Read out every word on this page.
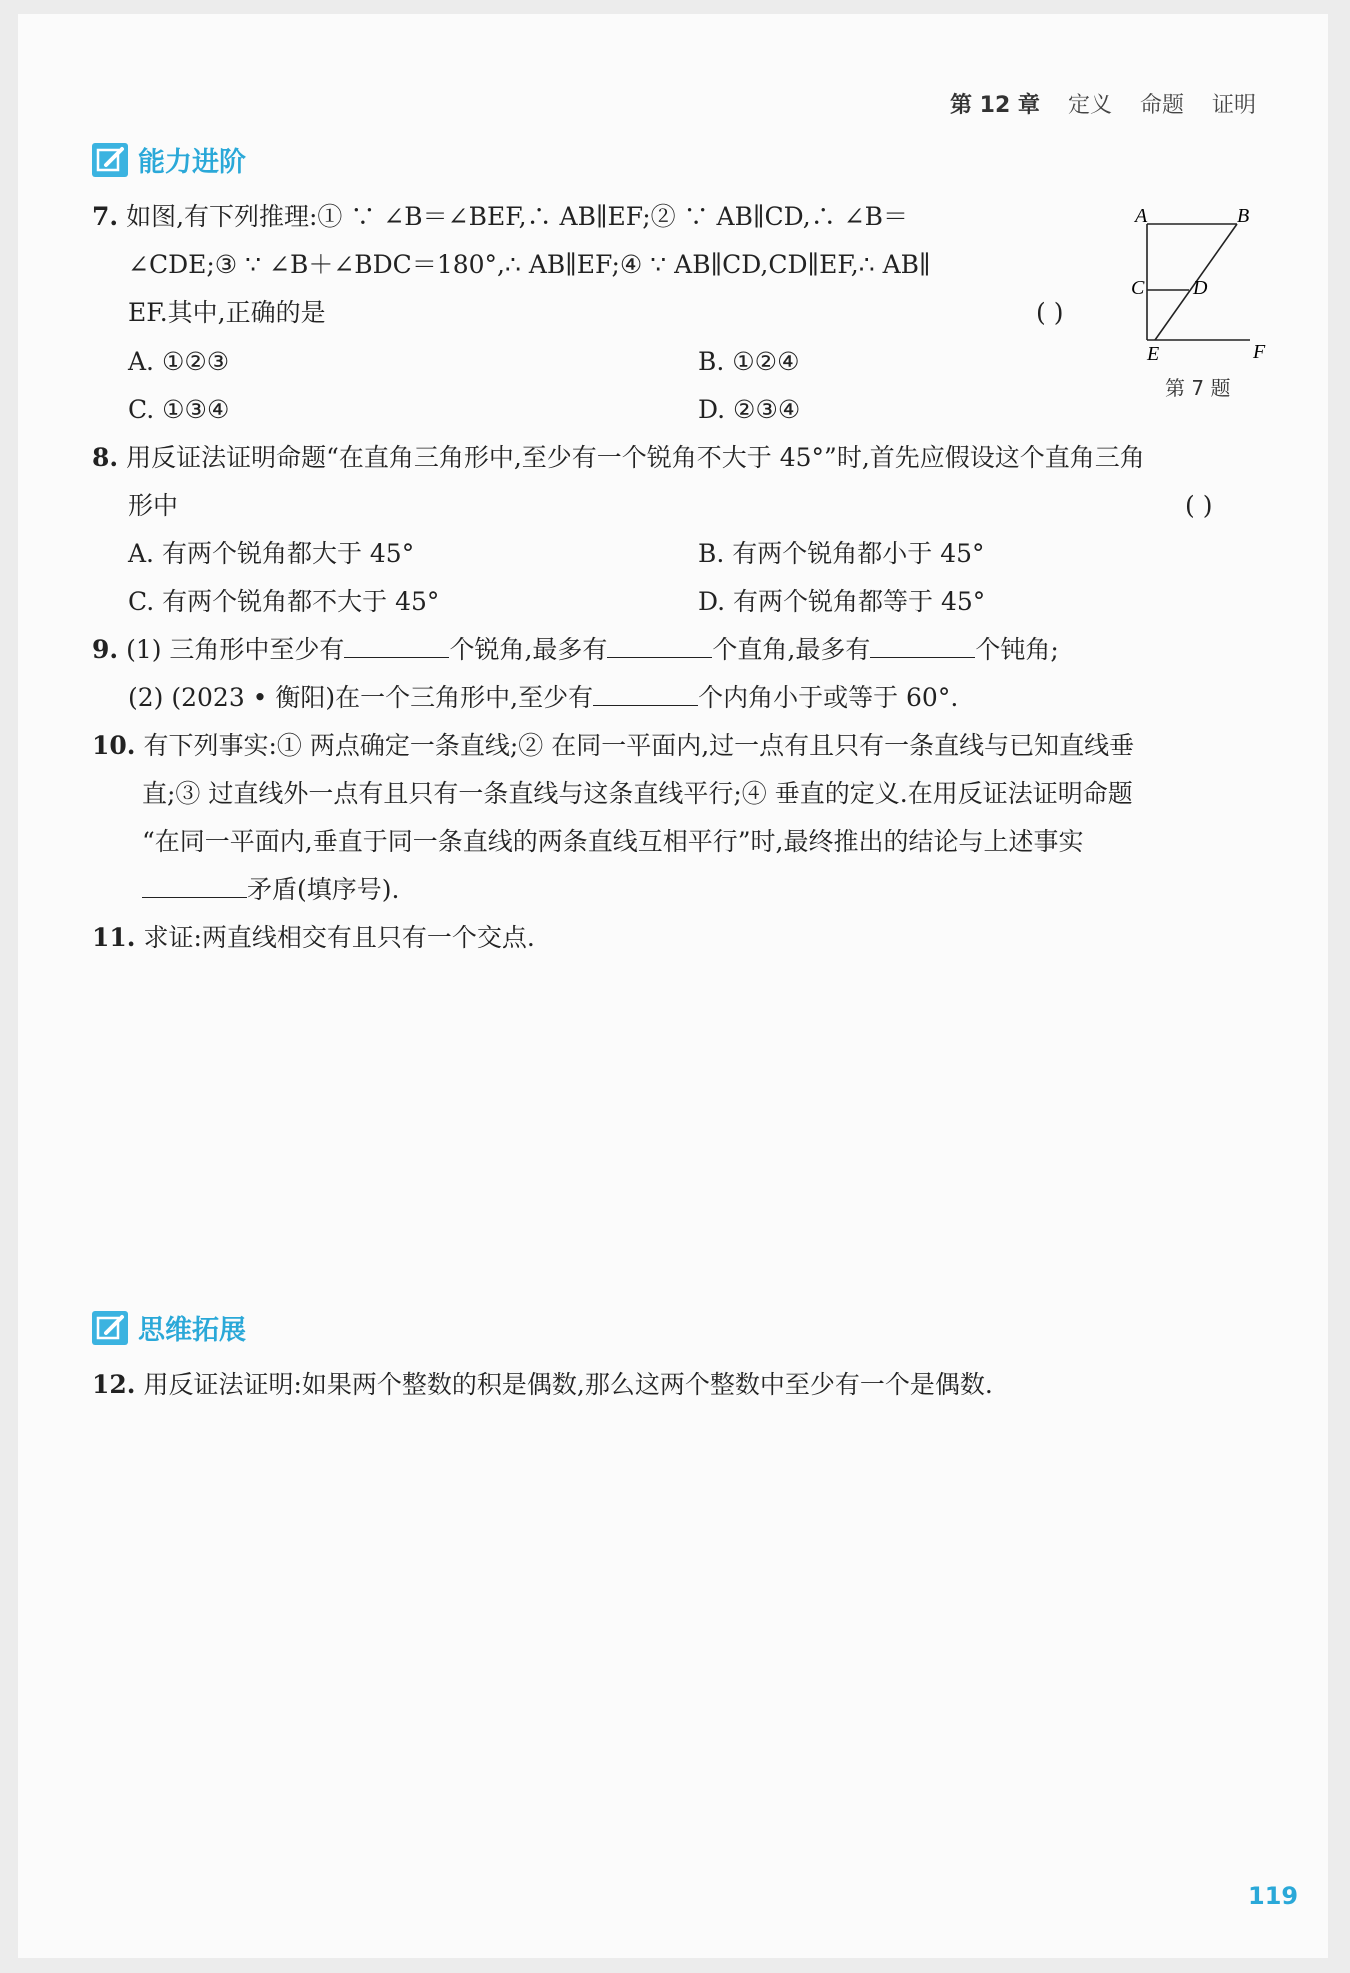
第 12 章 定义 命题 证明
能力进阶
7. 如图,有下列推理:① ∵ ∠B＝∠BEF,∴ AB∥EF;② ∵ AB∥CD,∴ ∠B＝
∠CDE;③ ∵ ∠B＋∠BDC＝180°,∴ AB∥EF;④ ∵ AB∥CD,CD∥EF,∴ AB∥
EF.其中,正确的是	( )
A. ①②③	B. ①②④
C. ①③④	D. ②③④
A	B
C D
E	F
第 7 题
8. 用反证法证明命题“在直角三角形中,至少有一个锐角不大于 45°”时,首先应假设这个直角三角
形中	( )
A. 有两个锐角都大于 45°	B. 有两个锐角都小于 45°
C. 有两个锐角都不大于 45°	D. 有两个锐角都等于 45°
9. (1) 三角形中至少有	个锐角,最多有	个直角,最多有	个钝角;
(2) (2023 • 衡阳)在一个三角形中,至少有	个内角小于或等于 60°.
10. 有下列事实:① 两点确定一条直线;② 在同一平面内,过一点有且只有一条直线与已知直线垂
直;③ 过直线外一点有且只有一条直线与这条直线平行;④ 垂直的定义.在用反证法证明命题
“在同一平面内,垂直于同一条直线的两条直线互相平行”时,最终推出的结论与上述事实
矛盾(填序号).
11. 求证:两直线相交有且只有一个交点.
思维拓展
12. 用反证法证明:如果两个整数的积是偶数,那么这两个整数中至少有一个是偶数.
119
